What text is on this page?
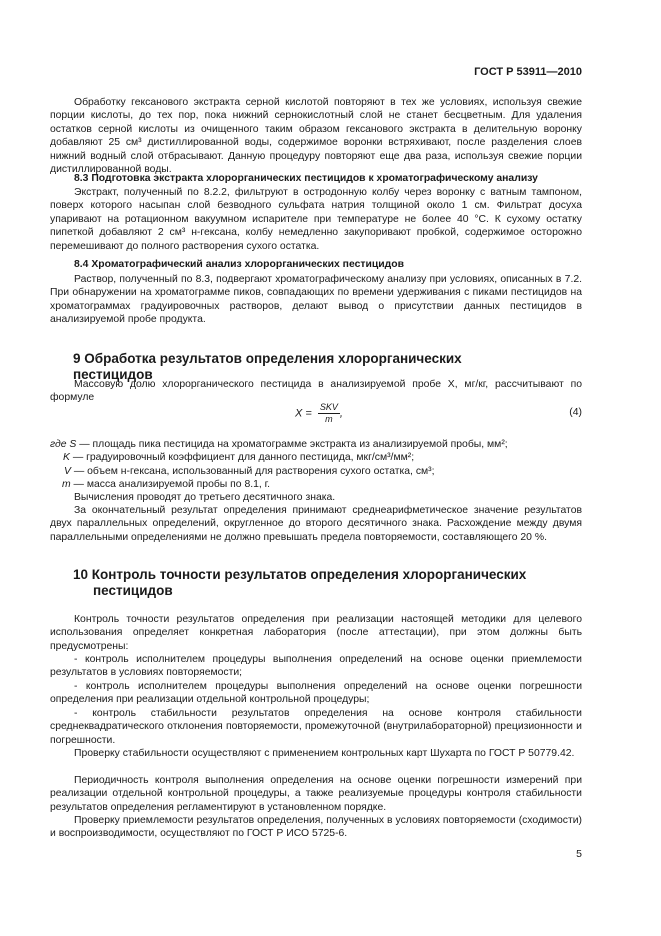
ГОСТ Р 53911—2010
Обработку гексанового экстракта серной кислотой повторяют в тех же условиях, используя свежие порции кислоты, до тех пор, пока нижний сернокислотный слой не станет бесцветным. Для удаления остатков серной кислоты из очищенного таким образом гексанового экстракта в делительную воронку добавляют 25 см³ дистиллированной воды, содержимое воронки встряхивают, после разделения слоев нижний водный слой отбрасывают. Данную процедуру повторяют еще два раза, используя свежие порции дистиллированной воды.
8.3 Подготовка экстракта хлорорганических пестицидов к хроматографическому анализу
Экстракт, полученный по 8.2.2, фильтруют в остродонную колбу через воронку с ватным тампоном, поверх которого насыпан слой безводного сульфата натрия толщиной около 1 см. Фильтрат досуха упаривают на ротационном вакуумном испарителе при температуре не более 40 °С. К сухому остатку пипеткой добавляют 2 см³ н-гексана, колбу немедленно закупоривают пробкой, содержимое осторожно перемешивают до полного растворения сухого остатка.
8.4 Хроматографический анализ хлорорганических пестицидов
Раствор, полученный по 8.3, подвергают хроматографическому анализу при условиях, описанных в 7.2. При обнаружении на хроматограмме пиков, совпадающих по времени удерживания с пиками пестицидов на хроматограммах градуировочных растворов, делают вывод о присутствии данных пестицидов в анализируемой пробе продукта.
9 Обработка результатов определения хлорорганических пестицидов
Массовую долю хлорорганического пестицида в анализируемой пробе X, мг/кг, рассчитывают по формуле
$X = \frac{\text{SKV}}{m}$ ,	(4)
где S — площадь пика пестицида на хроматограмме экстракта из анализируемой пробы, мм²;
K — градуировочный коэффициент для данного пестицида, мкг/см³/мм²;
V — объем н-гексана, использованный для растворения сухого остатка, см³;
m — масса анализируемой пробы по 8.1, г.
Вычисления проводят до третьего десятичного знака.
За окончательный результат определения принимают среднеарифметическое значение результатов двух параллельных определений, округленное до второго десятичного знака. Расхождение между двумя параллельными определениями не должно превышать предела повторяемости, составляющего 20 %.
10 Контроль точности результатов определения хлорорганических
пестицидов
Контроль точности результатов определения при реализации настоящей методики для целевого использования определяет конкретная лаборатория (после аттестации), при этом должны быть предусмотрены:
- контроль исполнителем процедуры выполнения определений на основе оценки приемлемости результатов в условиях повторяемости;
- контроль исполнителем процедуры выполнения определений на основе оценки погрешности определения при реализации отдельной контрольной процедуры;
- контроль стабильности результатов определения на основе контроля стабильности среднеквадратического отклонения повторяемости, промежуточной (внутрилабораторной) прецизионности и погрешности.
Проверку стабильности осуществляют с применением контрольных карт Шухарта по ГОСТ Р 50779.42.
Периодичность контроля выполнения определения на основе оценки погрешности измерений при реализации отдельной контрольной процедуры, а также реализуемые процедуры контроля стабильности результатов определения регламентируют в установленном порядке.
Проверку приемлемости результатов определения, полученных в условиях повторяемости (сходимости) и воспроизводимости, осуществляют по ГОСТ Р ИСО 5725-6.
5
